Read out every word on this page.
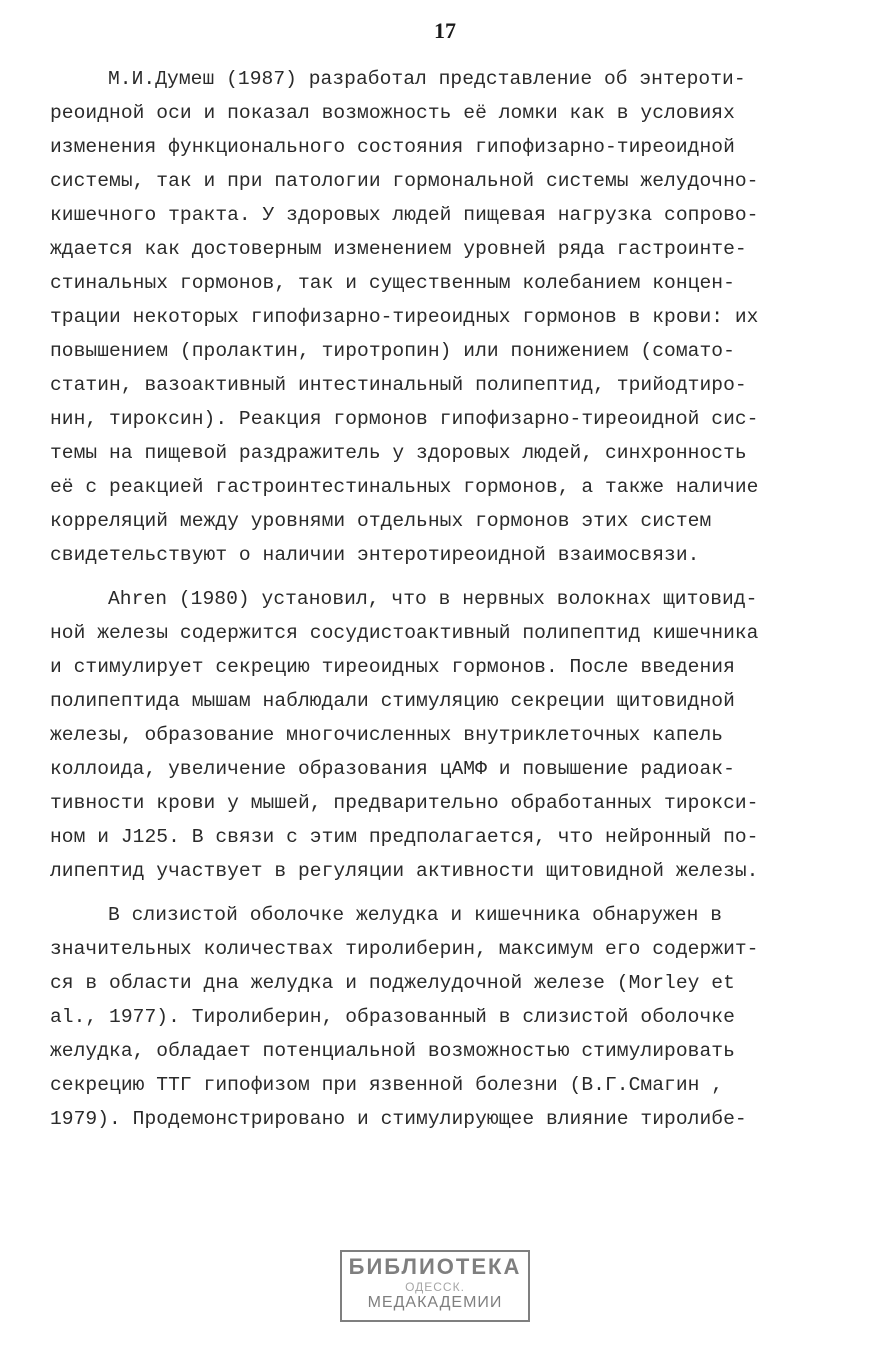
17
М.И.Думеш (1987) разработал представление об энтероти-
реоидной оси и показал возможность её ломки как в условиях
изменения функционального состояния гипофизарно-тиреоидной
системы, так и при патологии гормональной системы желудочно-
кишечного тракта. У здоровых людей пищевая нагрузка сопрово-
ждается как достоверным изменением уровней ряда гастроинте-
стинальных гормонов, так и существенным колебанием концен-
трации некоторых гипофизарно-тиреоидных гормонов в крови: их
повышением (пролактин, тиротропин) или понижением (сомато-
статин, вазоактивный интестинальный полипептид, трийодтиро-
нин, тироксин). Реакция гормонов гипофизарно-тиреоидной сис-
темы на пищевой раздражитель у здоровых людей, синхронность
её с реакцией гастроинтестинальных гормонов, а также наличие
корреляций между уровнями отдельных гормонов этих систем
свидетельствуют о наличии энтеротиреоидной взаимосвязи.
Ahren (1980) установил, что в нервных волокнах щитовид-
ной железы содержится сосудистоактивный полипептид кишечника
и стимулирует секрецию тиреоидных гормонов. После введения
полипептида мышам наблюдали стимуляцию секреции щитовидной
железы, образование многочисленных внутриклеточных капель
коллоида, увеличение образования цАМФ и повышение радиоак-
тивности крови у мышей, предварительно обработанных тирокси-
ном и J125. В связи с этим предполагается, что нейронный по-
липептид участвует в регуляции активности щитовидной железы.
В слизистой оболочке желудка и кишечника обнаружен в
значительных количествах тиролиберин, максимум его содержит-
ся в области дна желудка и поджелудочной железе (Morley et
al., 1977). Тиролиберин, образованный в слизистой оболочке
желудка, обладает потенциальной возможностью стимулировать
секрецию ТТГ гипофизом при язвенной болезни (В.Г.Смагин ,
1979). Продемонстрировано и стимулирующее влияние тиролибе-
БИБЛИОТЕКА
ОДЕССК.
МЕДАКАДЕМИИ
